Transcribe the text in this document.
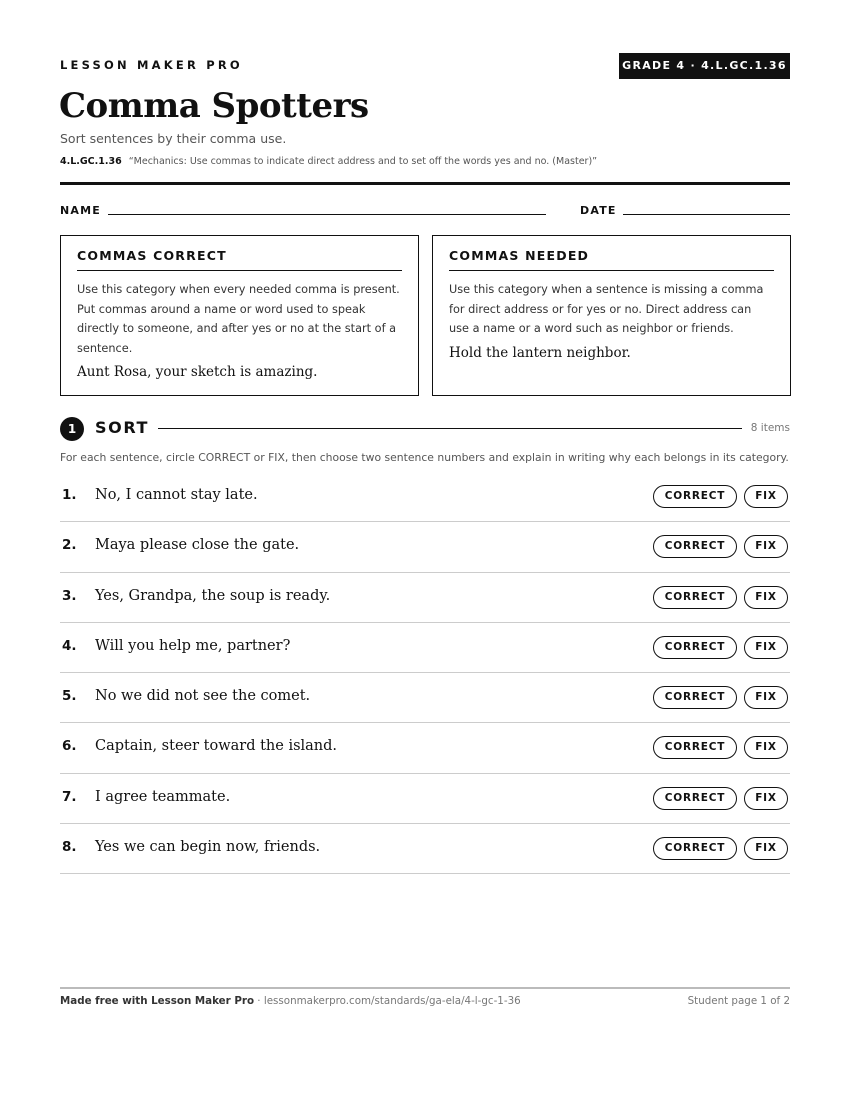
LESSON MAKER PRO	GRADE 4 · 4.L.GC.1.36
Comma Spotters
Sort sentences by their comma use.
4.L.GC.1.36 “Mechanics: Use commas to indicate direct address and to set off the words yes and no. (Master)”
NAME	DATE
COMMAS CORRECT
Use this category when every needed comma is present. Put commas around a name or word used to speak directly to someone, and after yes or no at the start of a sentence.
Aunt Rosa, your sketch is amazing.
COMMAS NEEDED
Use this category when a sentence is missing a comma for direct address or for yes or no. Direct address can use a name or a word such as neighbor or friends.
Hold the lantern neighbor.
1	SORT	8 items
For each sentence, circle CORRECT or FIX, then choose two sentence numbers and explain in writing why each belongs in its category.
1. No, I cannot stay late.	CORRECT	FIX
2. Maya please close the gate.	CORRECT	FIX
3. Yes, Grandpa, the soup is ready.	CORRECT	FIX
4. Will you help me, partner?	CORRECT	FIX
5. No we did not see the comet.	CORRECT	FIX
6. Captain, steer toward the island.	CORRECT	FIX
7. I agree teammate.	CORRECT	FIX
8. Yes we can begin now, friends.	CORRECT	FIX
Made free with Lesson Maker Pro · lessonmakerpro.com/standards/ga-ela/4-l-gc-1-36	Student page 1 of 2
